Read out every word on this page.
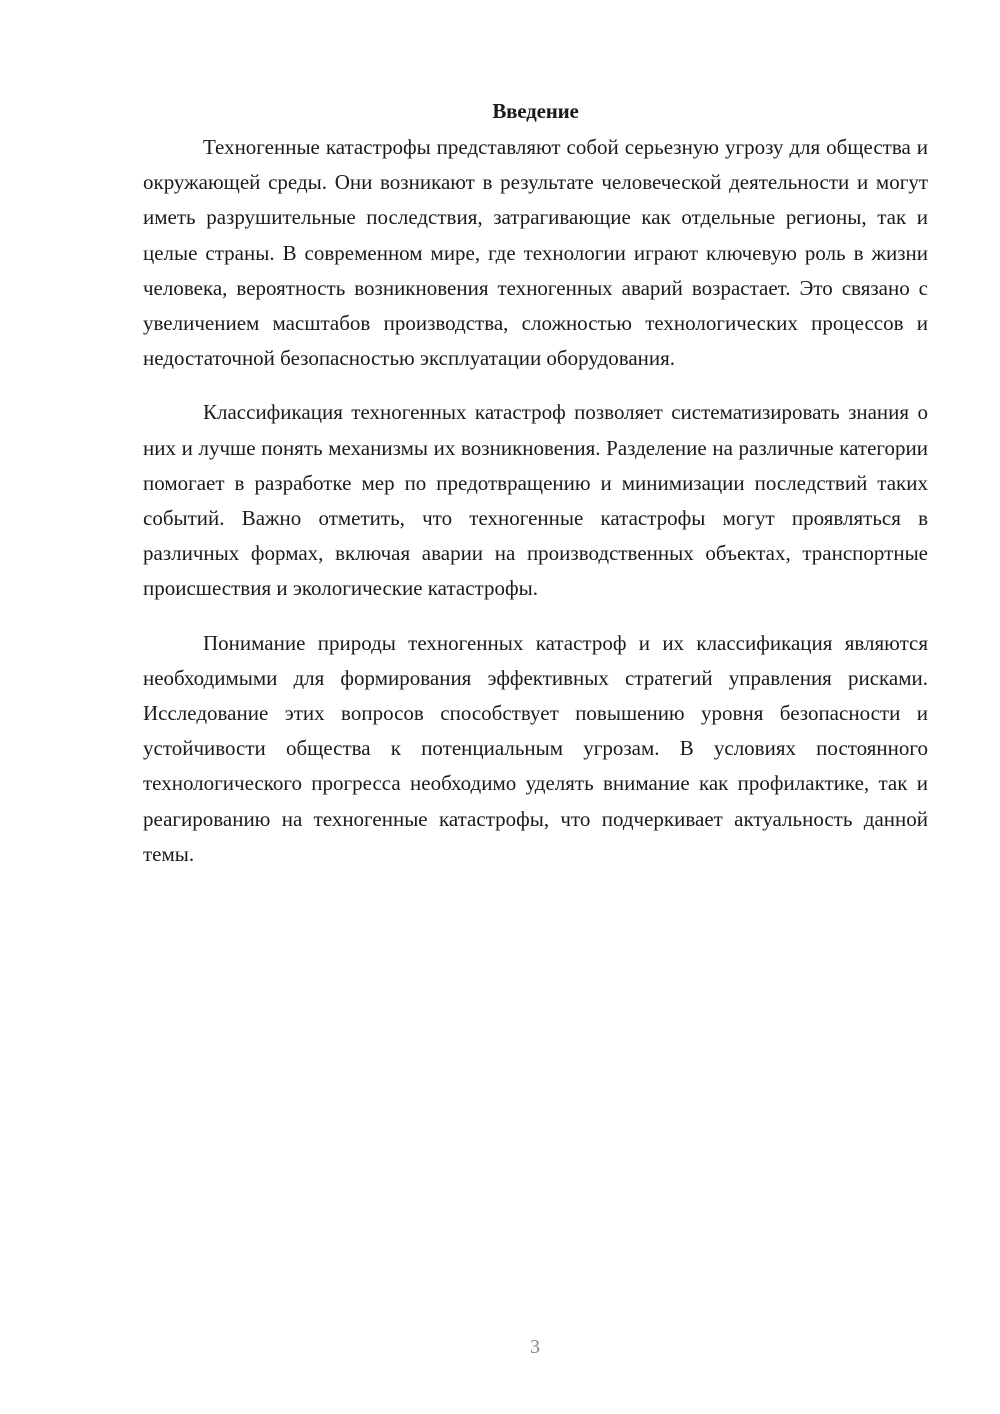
Введение

Техногенные катастрофы представляют собой серьезную угрозу для общества и окружающей среды. Они возникают в результате человеческой деятельности и могут иметь разрушительные последствия, затрагивающие как отдельные регионы, так и целые страны. В современном мире, где технологии играют ключевую роль в жизни человека, вероятность возникновения техногенных аварий возрастает. Это связано с увеличением масштабов производства, сложностью технологических процессов и недостаточной безопасностью эксплуатации оборудования.

Классификация техногенных катастроф позволяет систематизировать знания о них и лучше понять механизмы их возникновения. Разделение на различные категории помогает в разработке мер по предотвращению и минимизации последствий таких событий. Важно отметить, что техногенные катастрофы могут проявляться в различных формах, включая аварии на производственных объектах, транспортные происшествия и экологические катастрофы.

Понимание природы техногенных катастроф и их классификация являются необходимыми для формирования эффективных стратегий управления рисками. Исследование этих вопросов способствует повышению уровня безопасности и устойчивости общества к потенциальным угрозам. В условиях постоянного технологического прогресса необходимо уделять внимание как профилактике, так и реагированию на техногенные катастрофы, что подчеркивает актуальность данной темы.

3
